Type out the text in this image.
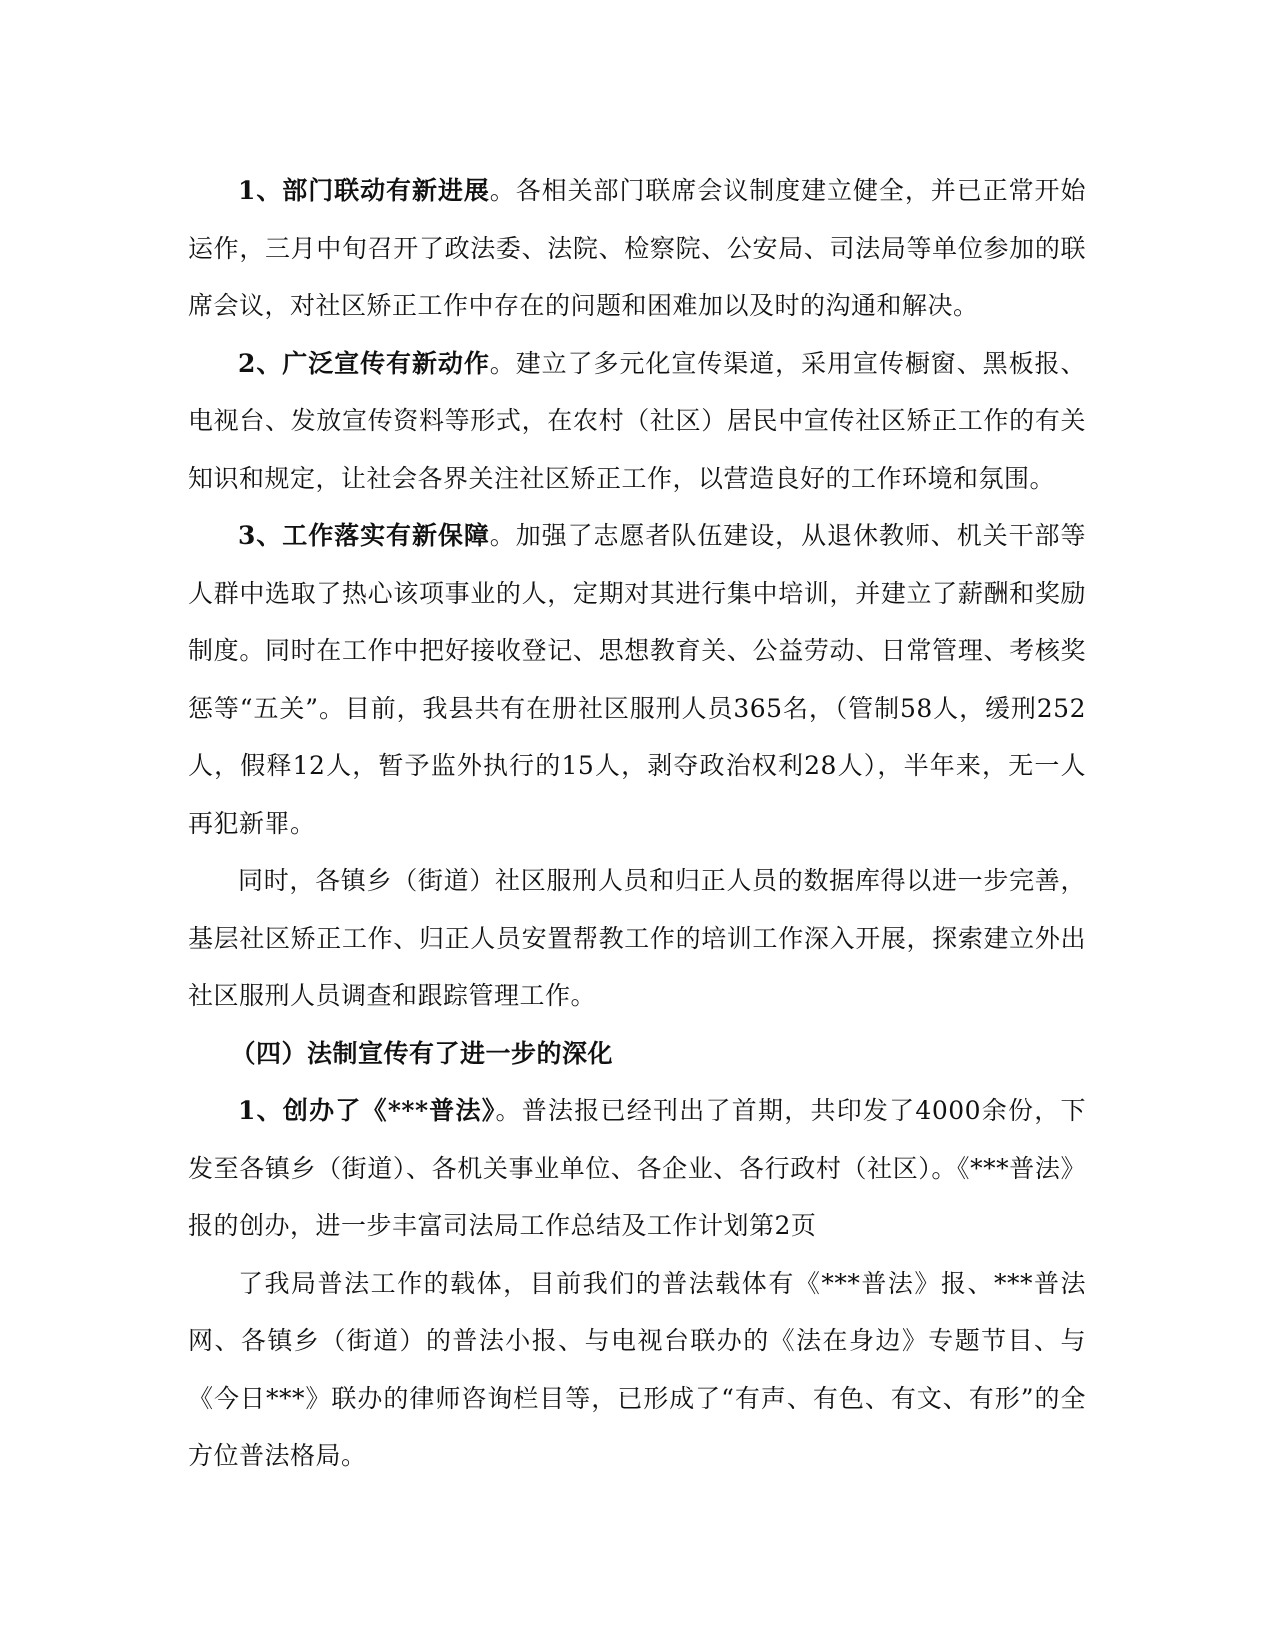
1、部门联动有新进展。各相关部门联席会议制度建立健全，并已正常开始运作，三月中旬召开了政法委、法院、检察院、公安局、司法局等单位参加的联席会议，对社区矫正工作中存在的问题和困难加以及时的沟通和解决。

2、广泛宣传有新动作。建立了多元化宣传渠道，采用宣传橱窗、黑板报、电视台、发放宣传资料等形式，在农村（社区）居民中宣传社区矫正工作的有关知识和规定，让社会各界关注社区矫正工作，以营造良好的工作环境和氛围。

3、工作落实有新保障。加强了志愿者队伍建设，从退休教师、机关干部等人群中选取了热心该项事业的人，定期对其进行集中培训，并建立了薪酬和奖励制度。同时在工作中把好接收登记、思想教育关、公益劳动、日常管理、考核奖惩等“五关”。目前，我县共有在册社区服刑人员365名，（管制58人，缓刑252人，假释12人，暂予监外执行的15人，剥夺政治权利28人），半年来，无一人再犯新罪。

同时，各镇乡（街道）社区服刑人员和归正人员的数据库得以进一步完善，基层社区矫正工作、归正人员安置帮教工作的培训工作深入开展，探索建立外出社区服刑人员调查和跟踪管理工作。

（四）法制宣传有了进一步的深化

1、创办了《***普法》。普法报已经刊出了首期，共印发了4000余份，下发至各镇乡（街道）、各机关事业单位、各企业、各行政村（社区）。《***普法》报的创办，进一步丰富司法局工作总结及工作计划第2页

了我局普法工作的载体，目前我们的普法载体有《***普法》报、***普法网、各镇乡（街道）的普法小报、与电视台联办的《法在身边》专题节目、与《今日***》联办的律师咨询栏目等，已形成了“有声、有色、有文、有形”的全方位普法格局。
